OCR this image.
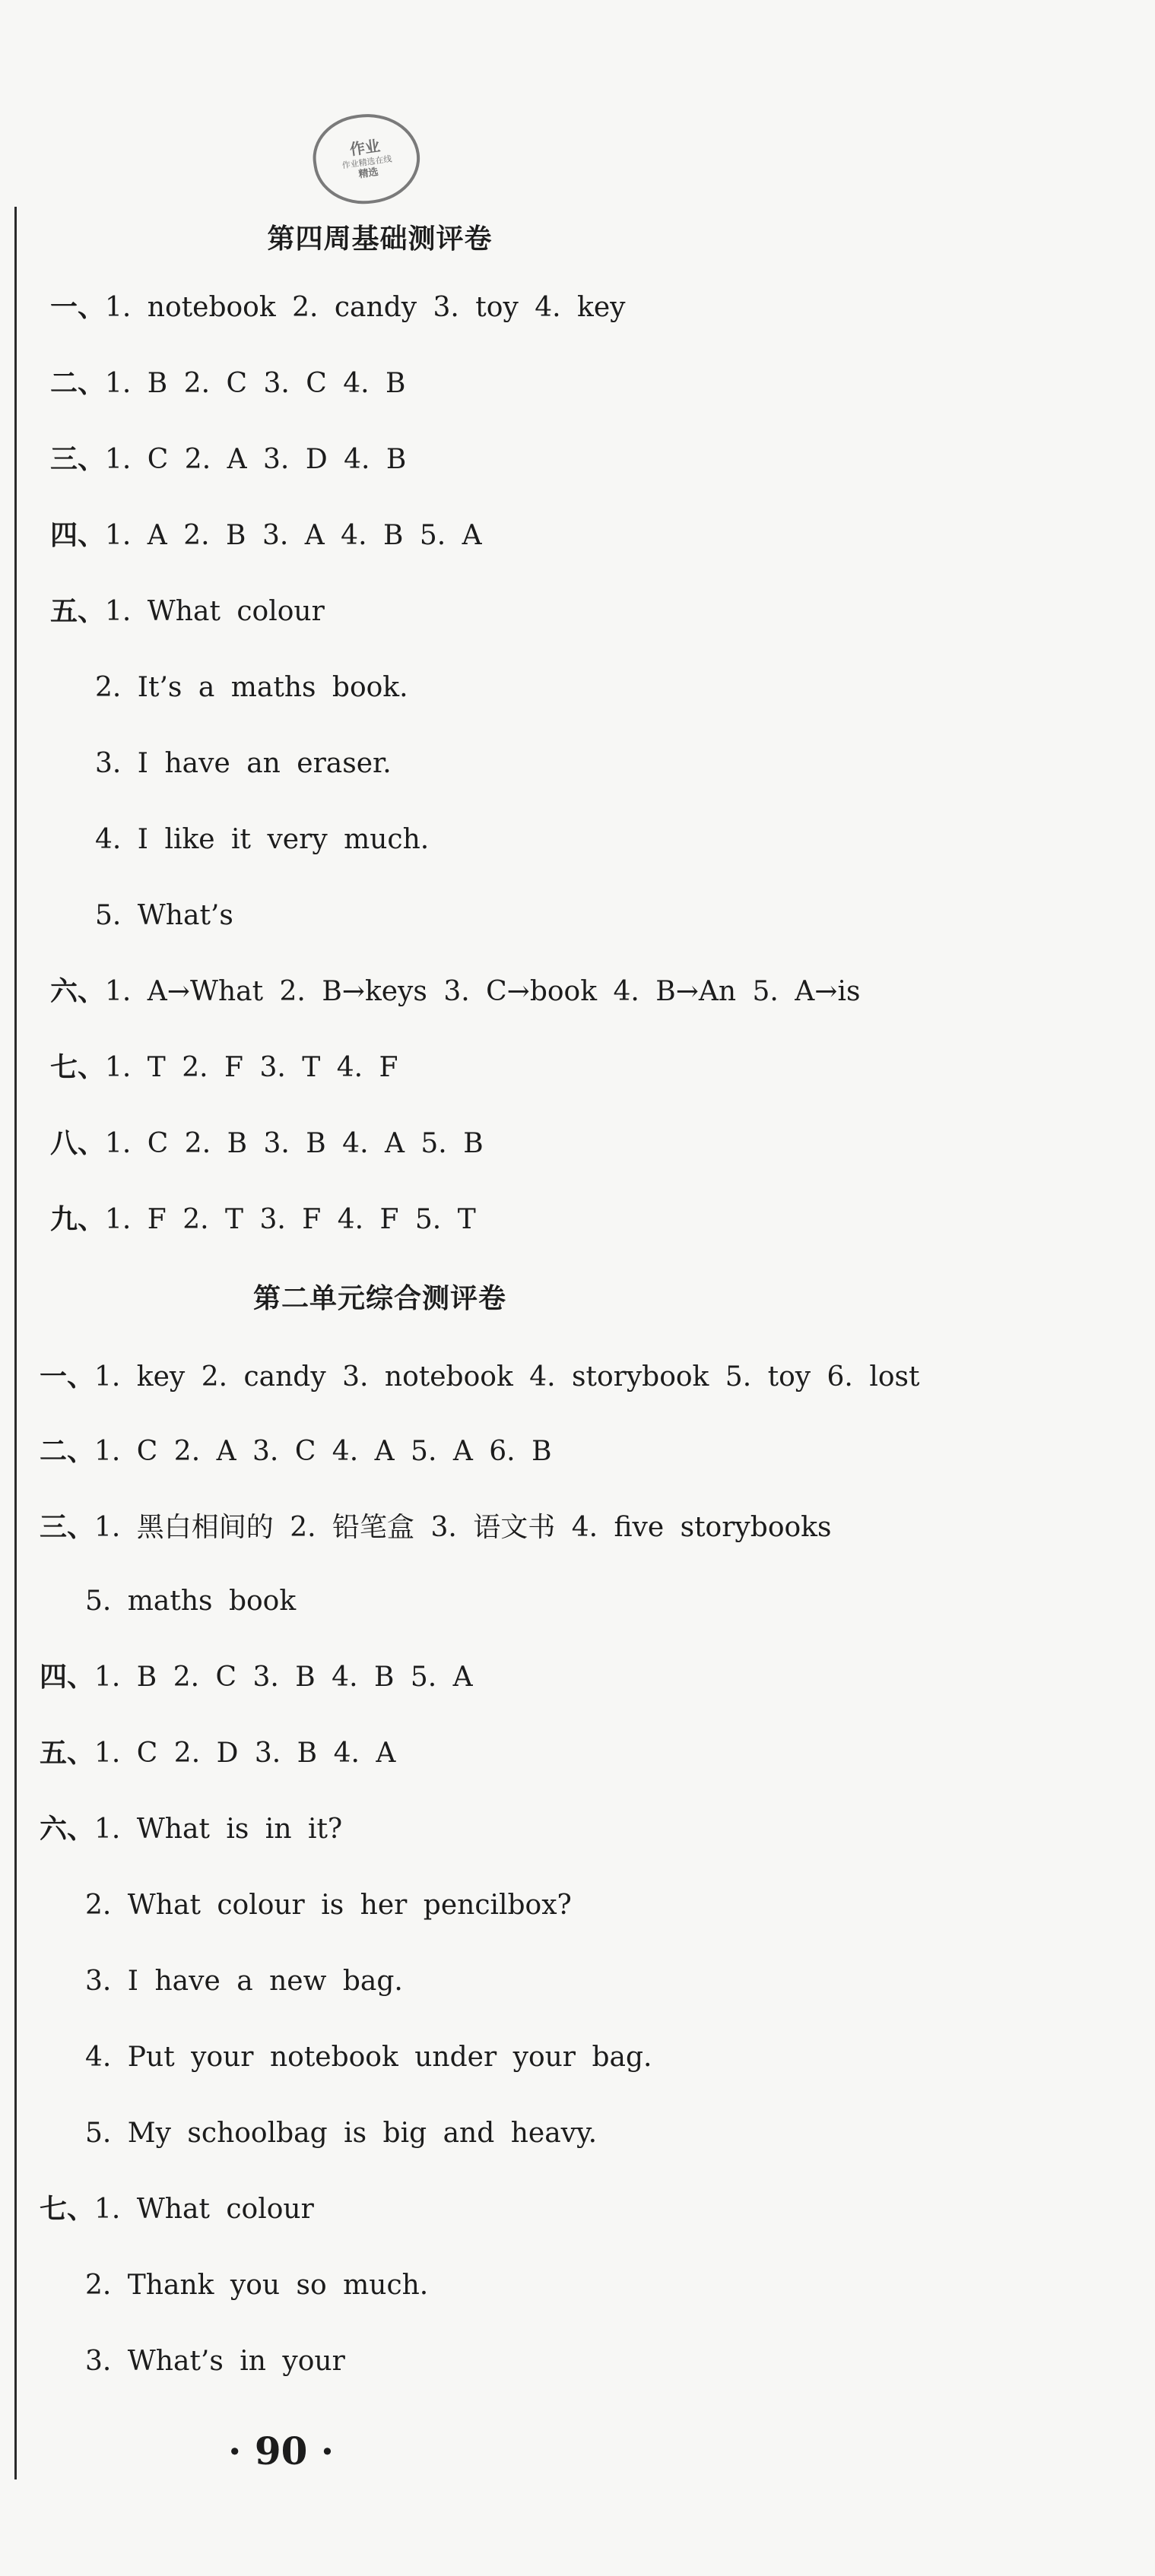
作业
作业精选在线
精选
第四周基础测评卷
一、1. notebook 2. candy 3. toy 4. key
二、1. B 2. C 3. C 4. B
三、1. C 2. A 3. D 4. B
四、1. A 2. B 3. A 4. B 5. A
五、1. What colour
2. It’s a maths book.
3. I have an eraser.
4. I like it very much.
5. What’s
六、1. A→What 2. B→keys 3. C→book 4. B→An 5. A→is
七、1. T 2. F 3. T 4. F
八、1. C 2. B 3. B 4. A 5. B
九、1. F 2. T 3. F 4. F 5. T
第二单元综合测评卷
一、1. key 2. candy 3. notebook 4. storybook 5. toy 6. lost
二、1. C 2. A 3. C 4. A 5. A 6. B
三、1. 黑白相间的 2. 铅笔盒 3. 语文书 4. five storybooks
5. maths book
四、1. B 2. C 3. B 4. B 5. A
五、1. C 2. D 3. B 4. A
六、1. What is in it?
2. What colour is her pencilbox?
3. I have a new bag.
4. Put your notebook under your bag.
5. My schoolbag is big and heavy.
七、1. What colour
2. Thank you so much.
3. What’s in your
· 90 ·
